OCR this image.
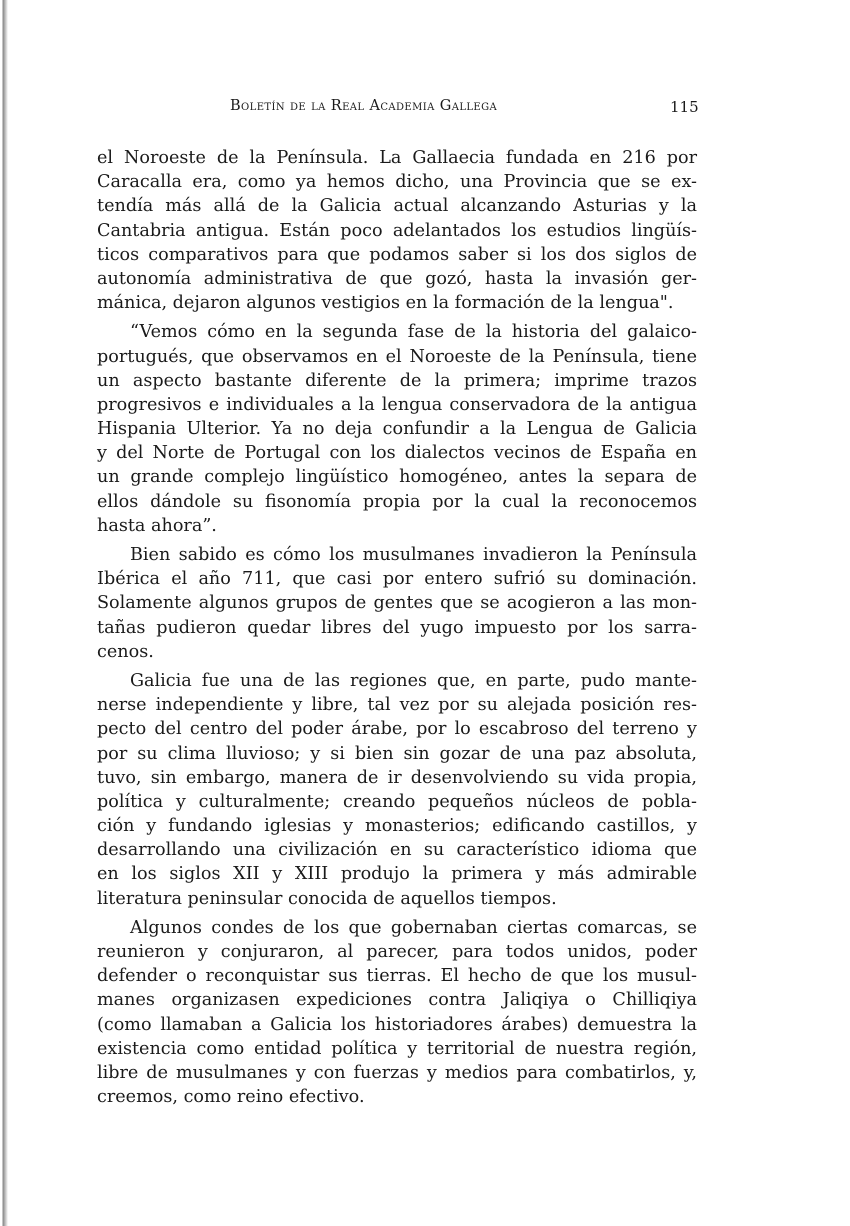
Boletín de la Real Academia Gallega	115
el Noroeste de la Península. La Gallaecia fundada en 216 por
Caracalla era, como ya hemos dicho, una Provincia que se ex-
tendía más allá de la Galicia actual alcanzando Asturias y la
Cantabria antigua. Están poco adelantados los estudios lingüís-
ticos comparativos para que podamos saber si los dos siglos de
autonomía administrativa de que gozó, hasta la invasión ger-
mánica, dejaron algunos vestigios en la formación de la lengua".
“Vemos cómo en la segunda fase de la historia del galaico-
portugués, que observamos en el Noroeste de la Península, tiene
un aspecto bastante diferente de la primera; imprime trazos
progresivos e individuales a la lengua conservadora de la antigua
Hispania Ulterior. Ya no deja confundir a la Lengua de Galicia
y del Norte de Portugal con los dialectos vecinos de España en
un grande complejo lingüístico homogéneo, antes la separa de
ellos dándole su fisonomía propia por la cual la reconocemos
hasta ahora”.
Bien sabido es cómo los musulmanes invadieron la Península
Ibérica el año 711, que casi por entero sufrió su dominación.
Solamente algunos grupos de gentes que se acogieron a las mon-
tañas pudieron quedar libres del yugo impuesto por los sarra-
cenos.
Galicia fue una de las regiones que, en parte, pudo mante-
nerse independiente y libre, tal vez por su alejada posición res-
pecto del centro del poder árabe, por lo escabroso del terreno y
por su clima lluvioso; y si bien sin gozar de una paz absoluta,
tuvo, sin embargo, manera de ir desenvolviendo su vida propia,
política y culturalmente; creando pequeños núcleos de pobla-
ción y fundando iglesias y monasterios; edificando castillos, y
desarrollando una civilización en su característico idioma que
en los siglos XII y XIII produjo la primera y más admirable
literatura peninsular conocida de aquellos tiempos.
Algunos condes de los que gobernaban ciertas comarcas, se
reunieron y conjuraron, al parecer, para todos unidos, poder
defender o reconquistar sus tierras. El hecho de que los musul-
manes organizasen expediciones contra Jaliqiya o Chilliqiya
(como llamaban a Galicia los historiadores árabes) demuestra la
existencia como entidad política y territorial de nuestra región,
libre de musulmanes y con fuerzas y medios para combatirlos, y,
creemos, como reino efectivo.
